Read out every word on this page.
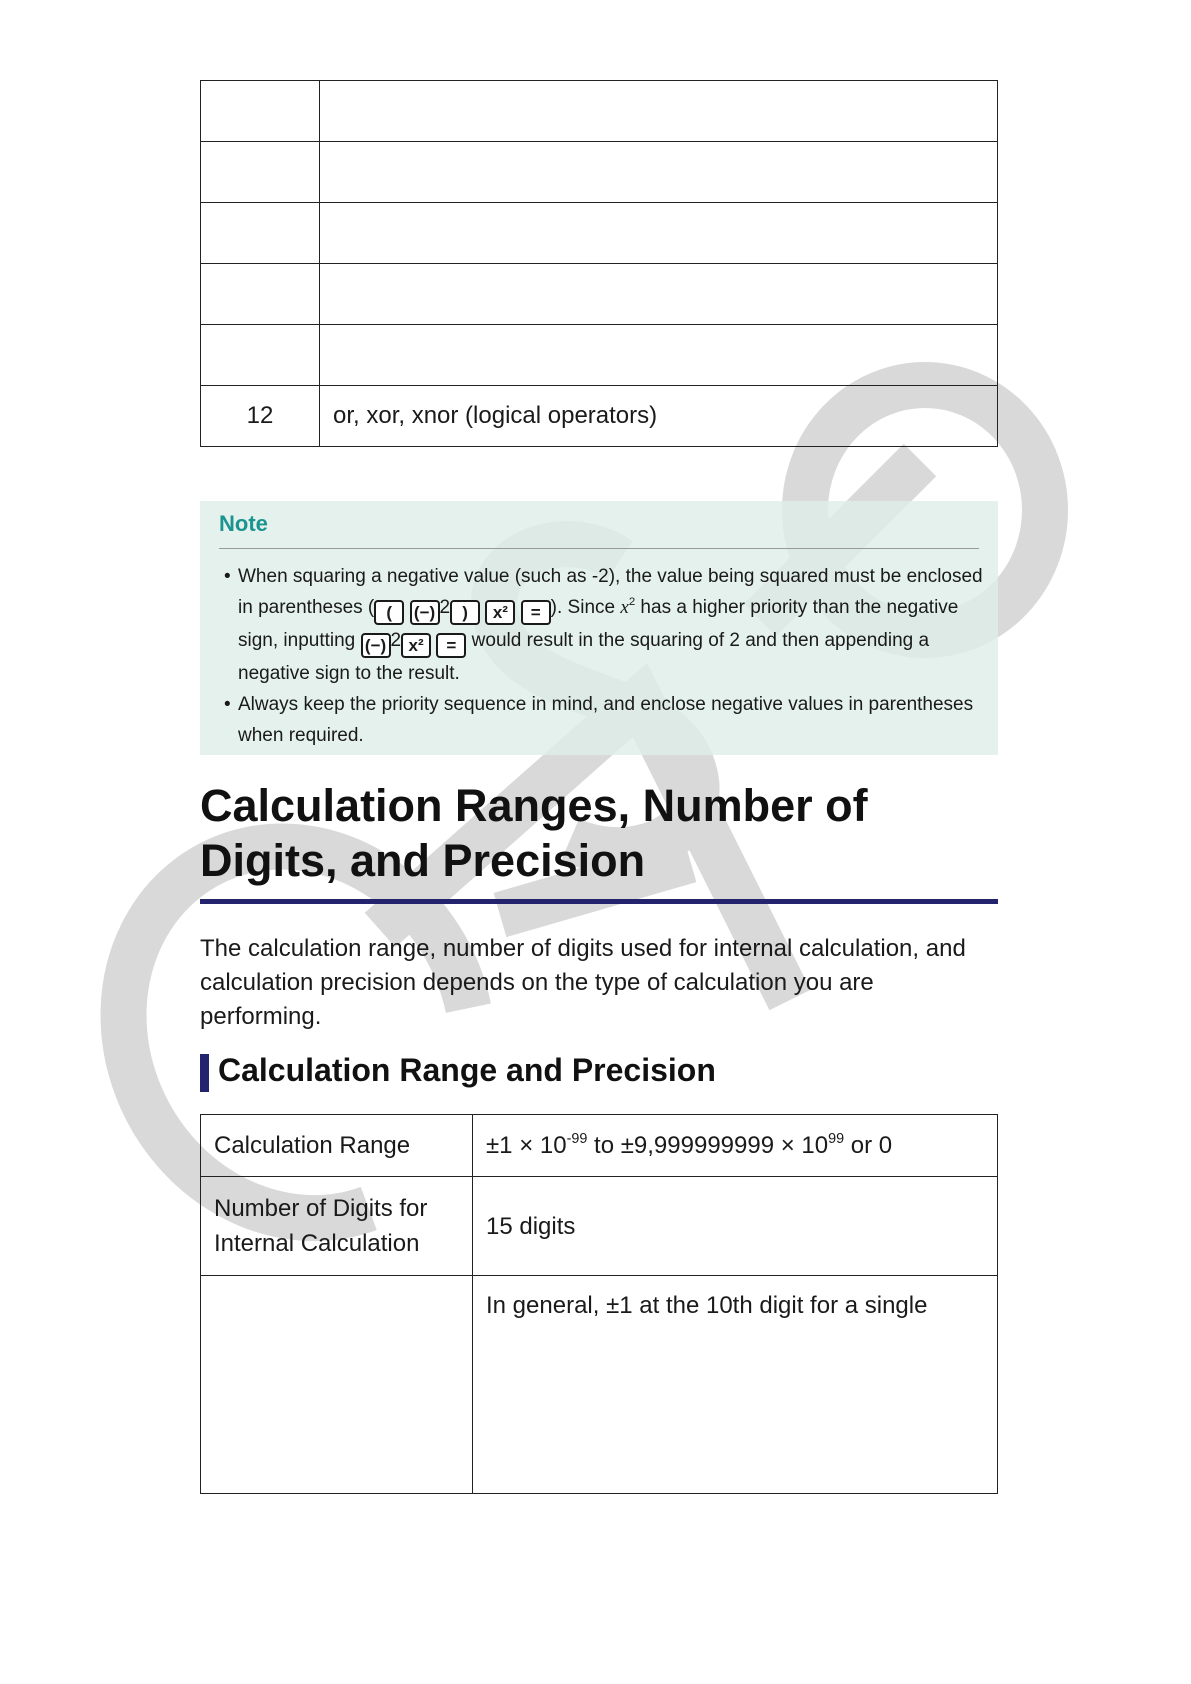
12	or, xor, xnor (logical operators)
Note
• When squaring a negative value (such as -2), the value being squared must be enclosed in parentheses ( ( (−) 2 ) x² = ). Since $x^2$ has a higher priority than the negative sign, inputting (−) 2 x² = would result in the squaring of 2 and then appending a negative sign to the result.
• Always keep the priority sequence in mind, and enclose negative values in parentheses when required.
Calculation Ranges, Number of Digits, and Precision
The calculation range, number of digits used for internal calculation, and calculation precision depends on the type of calculation you are performing.
Calculation Range and Precision
Calculation Range	$\pm 1 \times 10^{-99}$ to $\pm 9,999999999 \times 10^{99}$ or 0
Number of Digits for Internal Calculation	15 digits
	In general, ±1 at the 10th digit for a single
